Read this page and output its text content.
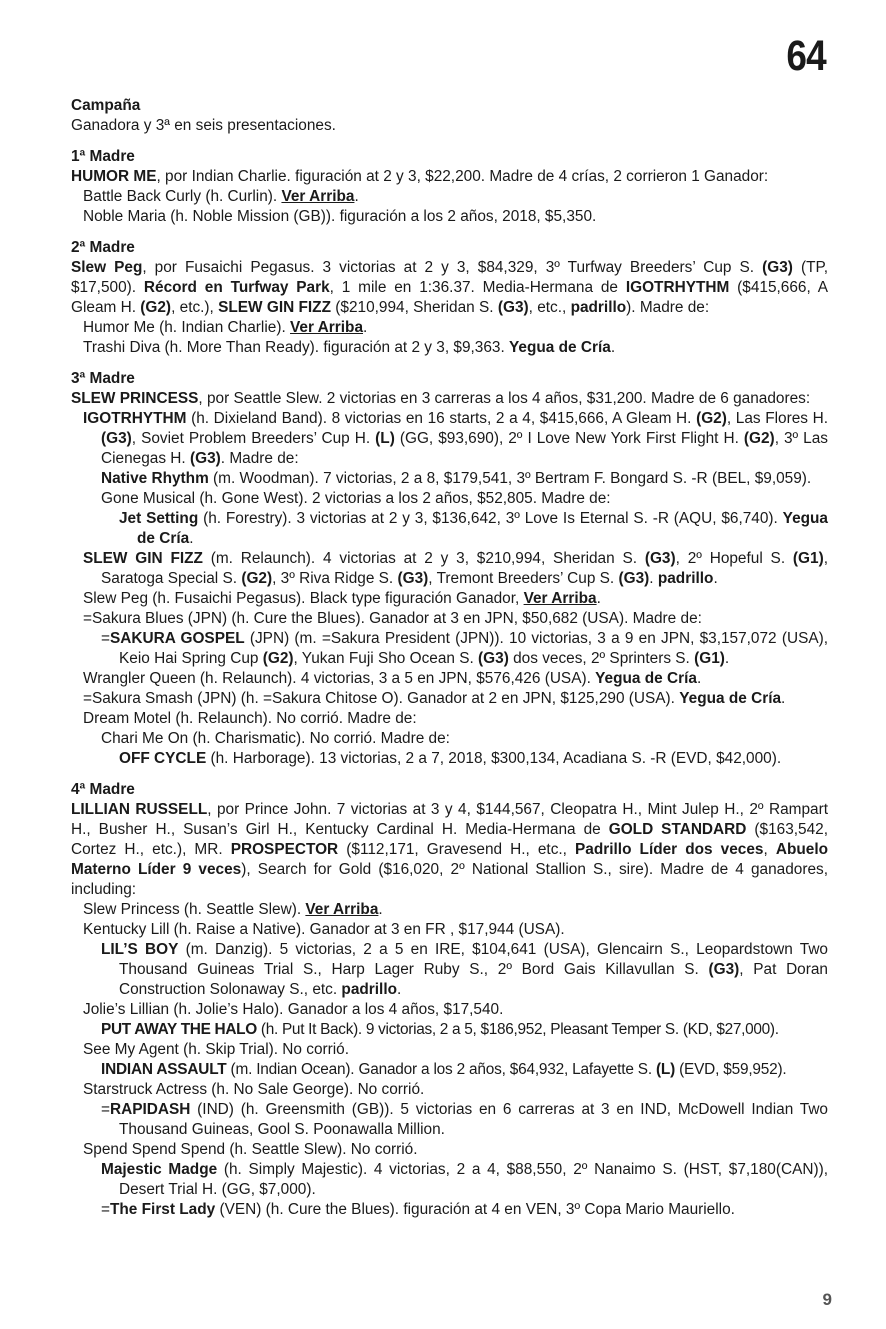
64
Campaña

Ganadora y 3ª en seis presentaciones.

1ª Madre

HUMOR ME, por Indian Charlie. figuración at 2 y 3, $22,200. Madre de 4 crías, 2 corrieron 1 Ganador:

Battle Back Curly (h. Curlin). Ver Arriba.

Noble Maria (h. Noble Mission (GB)). figuración a los 2 años, 2018, $5,350.

2ª Madre

Slew Peg, por Fusaichi Pegasus. 3 victorias at 2 y 3, $84,329, 3º Turfway Breeders’ Cup S. (G3) (TP, $17,500). Récord en Turfway Park, 1 mile en 1:36.37. Media-Hermana de IGOTRHYTHM ($415,666, A Gleam H. (G2), etc.), SLEW GIN FIZZ ($210,994, Sheridan S. (G3), etc., padrillo). Madre de:

Humor Me (h. Indian Charlie). Ver Arriba.

Trashi Diva (h. More Than Ready). figuración at 2 y 3, $9,363. Yegua de Cría.

3ª Madre

SLEW PRINCESS, por Seattle Slew. 2 victorias en 3 carreras a los 4 años, $31,200. Madre de 6 ganadores:

IGOTRHYTHM (h. Dixieland Band). 8 victorias en 16 starts, 2 a 4, $415,666, A Gleam H. (G2), Las Flores H. (G3), Soviet Problem Breeders’ Cup H. (L) (GG, $93,690), 2º I Love New York First Flight H. (G2), 3º Las Cienegas H. (G3). Madre de:

Native Rhythm (m. Woodman). 7 victorias, 2 a 8, $179,541, 3º Bertram F. Bongard S. -R (BEL, $9,059).

Gone Musical (h. Gone West). 2 victorias a los 2 años, $52,805. Madre de:

Jet Setting (h. Forestry). 3 victorias at 2 y 3, $136,642, 3º Love Is Eternal S. -R (AQU, $6,740). Yegua de Cría.

SLEW GIN FIZZ (m. Relaunch). 4 victorias at 2 y 3, $210,994, Sheridan S. (G3), 2º Hopeful S. (G1), Saratoga Special S. (G2), 3º Riva Ridge S. (G3), Tremont Breeders’ Cup S. (G3). padrillo.

Slew Peg (h. Fusaichi Pegasus). Black type figuración Ganador, Ver Arriba.

=Sakura Blues (JPN) (h. Cure the Blues). Ganador at 3 en JPN, $50,682 (USA). Madre de:

=SAKURA GOSPEL (JPN) (m. =Sakura President (JPN)). 10 victorias, 3 a 9 en JPN, $3,157,072 (USA), Keio Hai Spring Cup (G2), Yukan Fuji Sho Ocean S. (G3) dos veces, 2º Sprinters S. (G1).

Wrangler Queen (h. Relaunch). 4 victorias, 3 a 5 en JPN, $576,426 (USA). Yegua de Cría.

=Sakura Smash (JPN) (h. =Sakura Chitose O). Ganador at 2 en JPN, $125,290 (USA). Yegua de Cría.

Dream Motel (h. Relaunch). No corrió. Madre de:

Chari Me On (h. Charismatic). No corrió. Madre de:

OFF CYCLE (h. Harborage). 13 victorias, 2 a 7, 2018, $300,134, Acadiana S. -R (EVD, $42,000).

4ª Madre

LILLIAN RUSSELL, por Prince John. 7 victorias at 3 y 4, $144,567, Cleopatra H., Mint Julep H., 2º Rampart H., Busher H., Susan’s Girl H., Kentucky Cardinal H. Media-Hermana de GOLD STANDARD ($163,542, Cortez H., etc.), MR. PROSPECTOR ($112,171, Gravesend H., etc., Padrillo Líder dos veces, Abuelo Materno Líder 9 veces), Search for Gold ($16,020, 2º National Stallion S., sire). Madre de 4 ganadores, including:

Slew Princess (h. Seattle Slew). Ver Arriba.

Kentucky Lill (h. Raise a Native). Ganador at 3 en FR , $17,944 (USA).

LIL’S BOY (m. Danzig). 5 victorias, 2 a 5 en IRE, $104,641 (USA), Glencairn S., Leopardstown Two Thousand Guineas Trial S., Harp Lager Ruby S., 2º Bord Gais Killavullan S. (G3), Pat Doran Construction Solonaway S., etc. padrillo.

Jolie’s Lillian (h. Jolie’s Halo). Ganador a los 4 años, $17,540.

PUT AWAY THE HALO (h. Put It Back). 9 victorias, 2 a 5, $186,952, Pleasant Temper S. (KD, $27,000).

See My Agent (h. Skip Trial). No corrió.

INDIAN ASSAULT (m. Indian Ocean). Ganador a los 2 años, $64,932, Lafayette S. (L) (EVD, $59,952).

Starstruck Actress (h. No Sale George). No corrió.

=RAPIDASH (IND) (h. Greensmith (GB)). 5 victorias en 6 carreras at 3 en IND, McDowell Indian Two Thousand Guineas, Gool S. Poonawalla Million.

Spend Spend Spend (h. Seattle Slew). No corrió.

Majestic Madge (h. Simply Majestic). 4 victorias, 2 a 4, $88,550, 2º Nanaimo S. (HST, $7,180(CAN)), Desert Trial H. (GG, $7,000).

=The First Lady (VEN) (h. Cure the Blues). figuración at 4 en VEN, 3º Copa Mario Mauriello.

9
